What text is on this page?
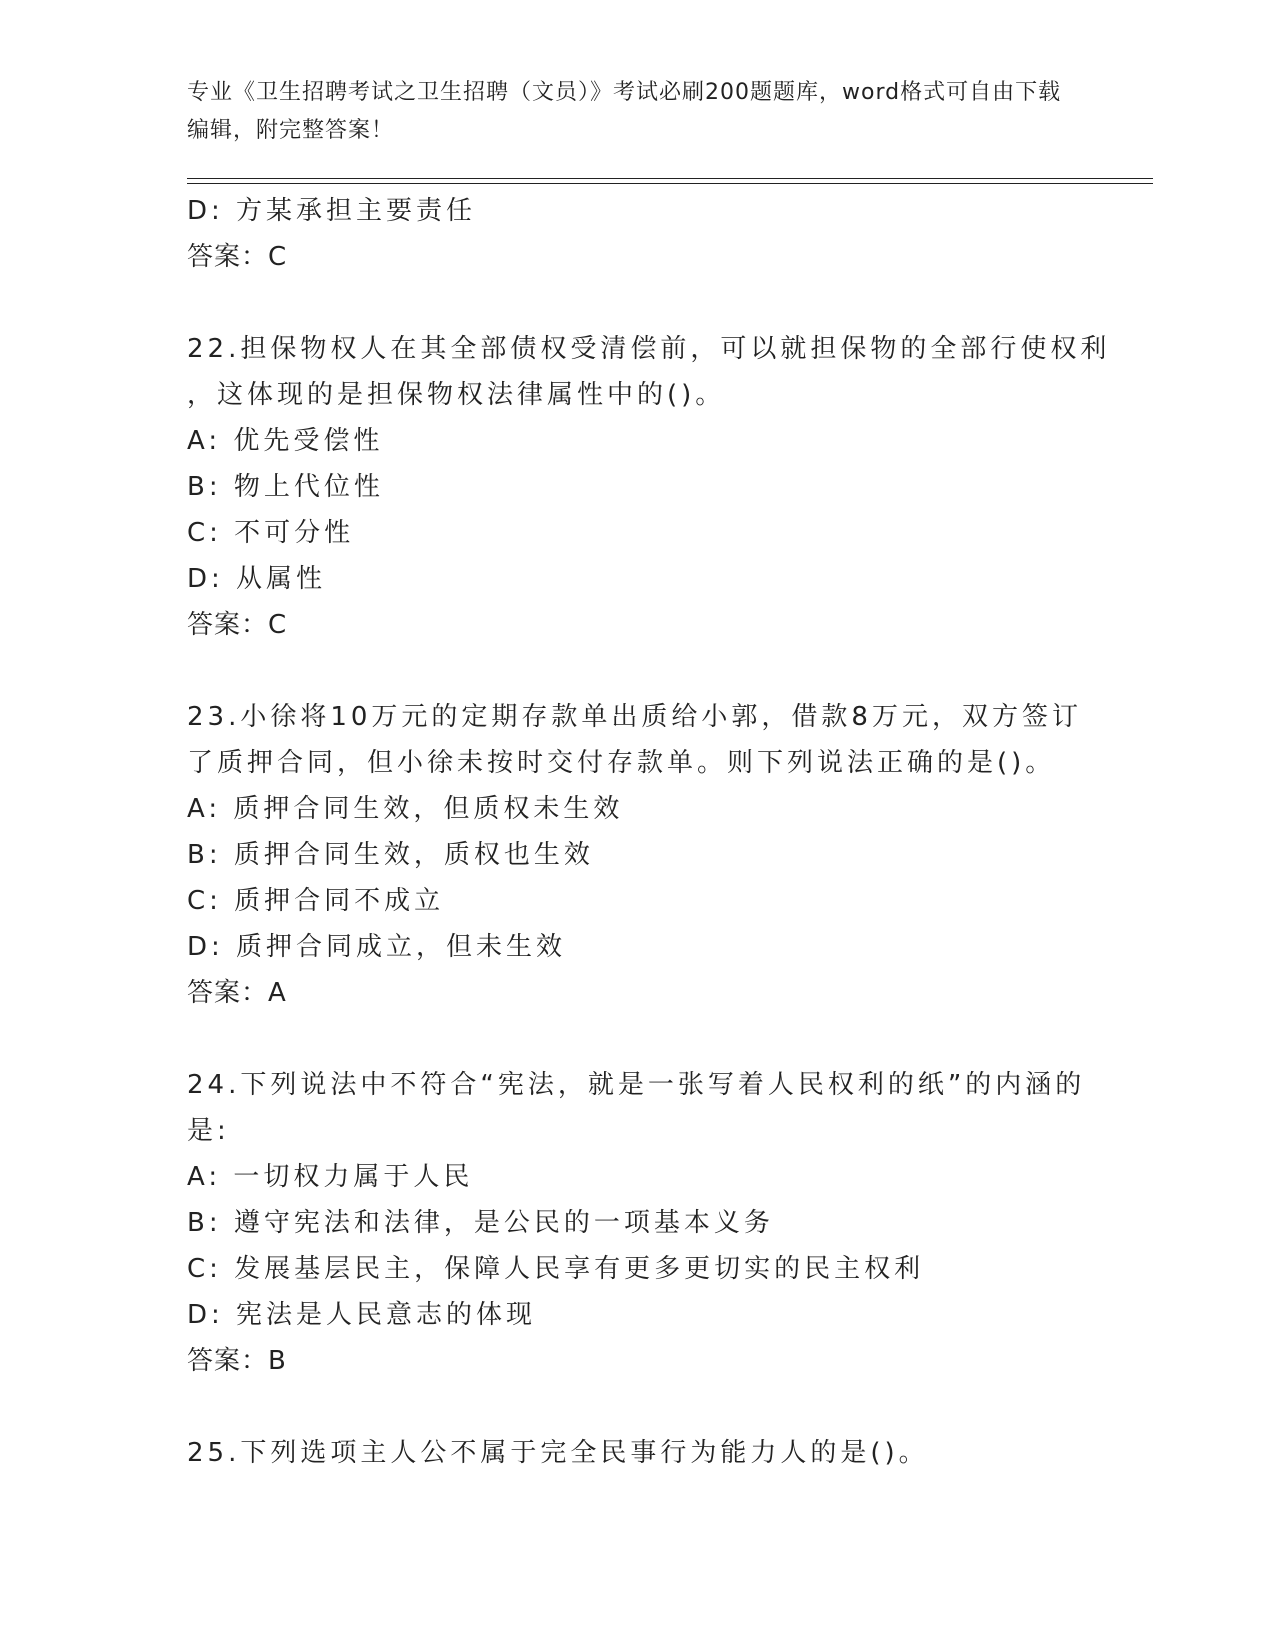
专业《卫生招聘考试之卫生招聘（文员）》考试必刷200题题库，word格式可自由下载编辑，附完整答案！
D: 方某承担主要责任
答案：C
22.担保物权人在其全部债权受清偿前，可以就担保物的全部行使权利
，这体现的是担保物权法律属性中的()。
A: 优先受偿性
B: 物上代位性
C: 不可分性
D: 从属性
答案：C
23.小徐将10万元的定期存款单出质给小郭，借款8万元，双方签订
了质押合同，但小徐未按时交付存款单。则下列说法正确的是()。
A: 质押合同生效，但质权未生效
B: 质押合同生效，质权也生效
C: 质押合同不成立
D: 质押合同成立，但未生效
答案：A
24.下列说法中不符合“宪法，就是一张写着人民权利的纸”的内涵的
是:
A: 一切权力属于人民
B: 遵守宪法和法律，是公民的一项基本义务
C: 发展基层民主，保障人民享有更多更切实的民主权利
D: 宪法是人民意志的体现
答案：B
25.下列选项主人公不属于完全民事行为能力人的是()。
